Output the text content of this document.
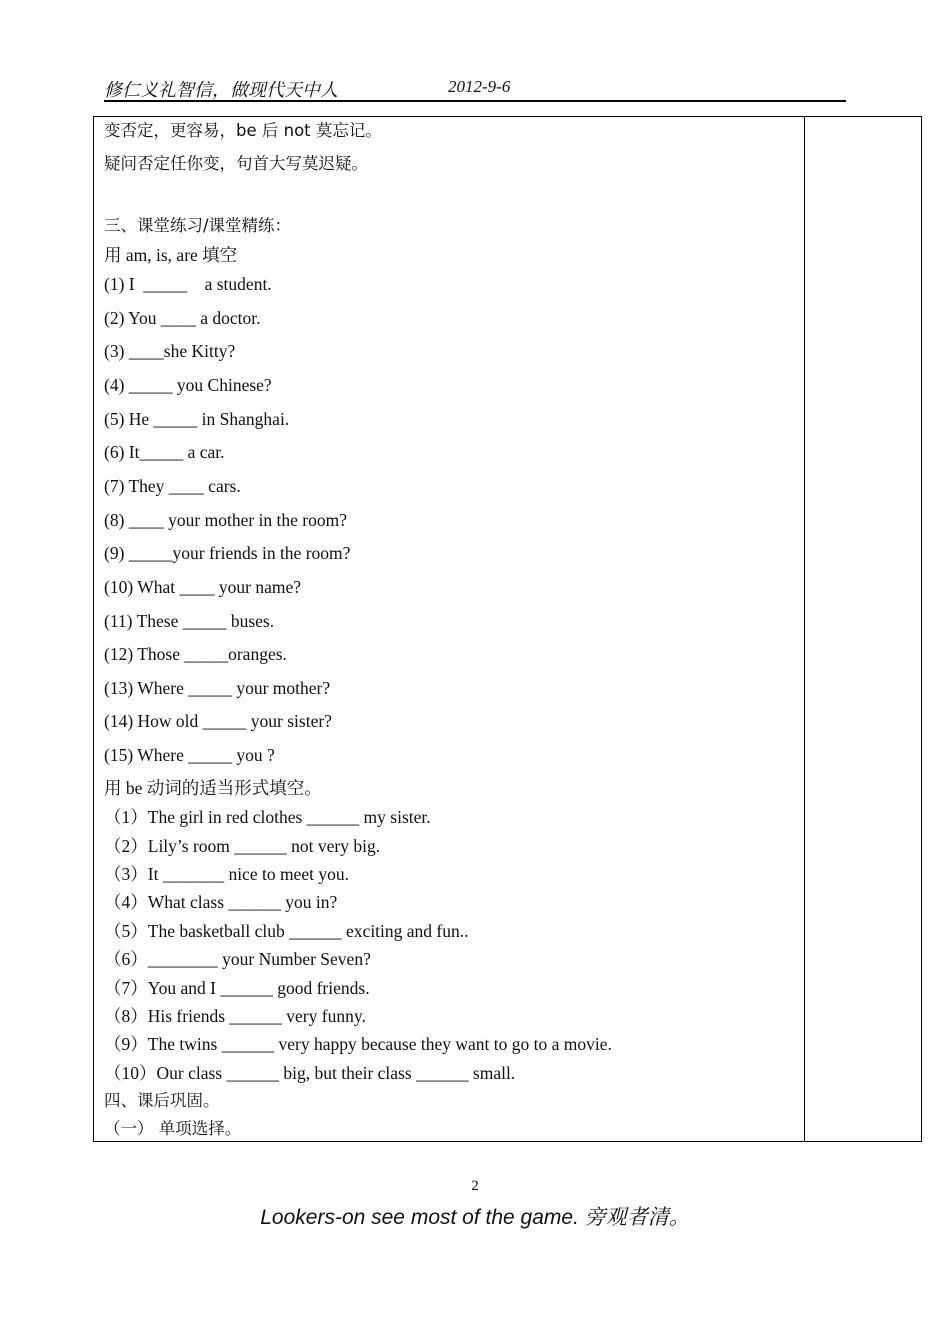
修仁义礼智信，做现代天中人	2012-9-6
变否定，更容易，be 后 not 莫忘记。
疑问否定任你变，句首大写莫迟疑。
三、课堂练习/课堂精练：
用 am, is, are 填空
(1) I  _____    a student.
(2) You ____ a doctor.
(3) ____she Kitty?
(4) _____ you Chinese?
(5) He _____ in Shanghai.
(6) It_____ a car.
(7) They ____ cars.
(8) ____ your mother in the room?
(9) _____your friends in the room?
(10) What ____ your name?
(11) These _____ buses.
(12) Those _____oranges.
(13) Where _____ your mother?
(14) How old _____ your sister?
(15) Where _____ you ?
用 be 动词的适当形式填空。
（1）The girl in red clothes ______ my sister.
（2）Lily’s room ______ not very big.
（3）It _______ nice to meet you.
（4）What class ______ you in?
（5）The basketball club ______ exciting and fun..
（6）________ your Number Seven?
（7）You and I ______ good friends.
（8）His friends ______ very funny.
（9）The twins ______ very happy because they want to go to a movie.
（10）Our class ______ big, but their class ______ small.
四、课后巩固。
（一） 单项选择。
2
Lookers-on see most of the game. 旁观者清。
